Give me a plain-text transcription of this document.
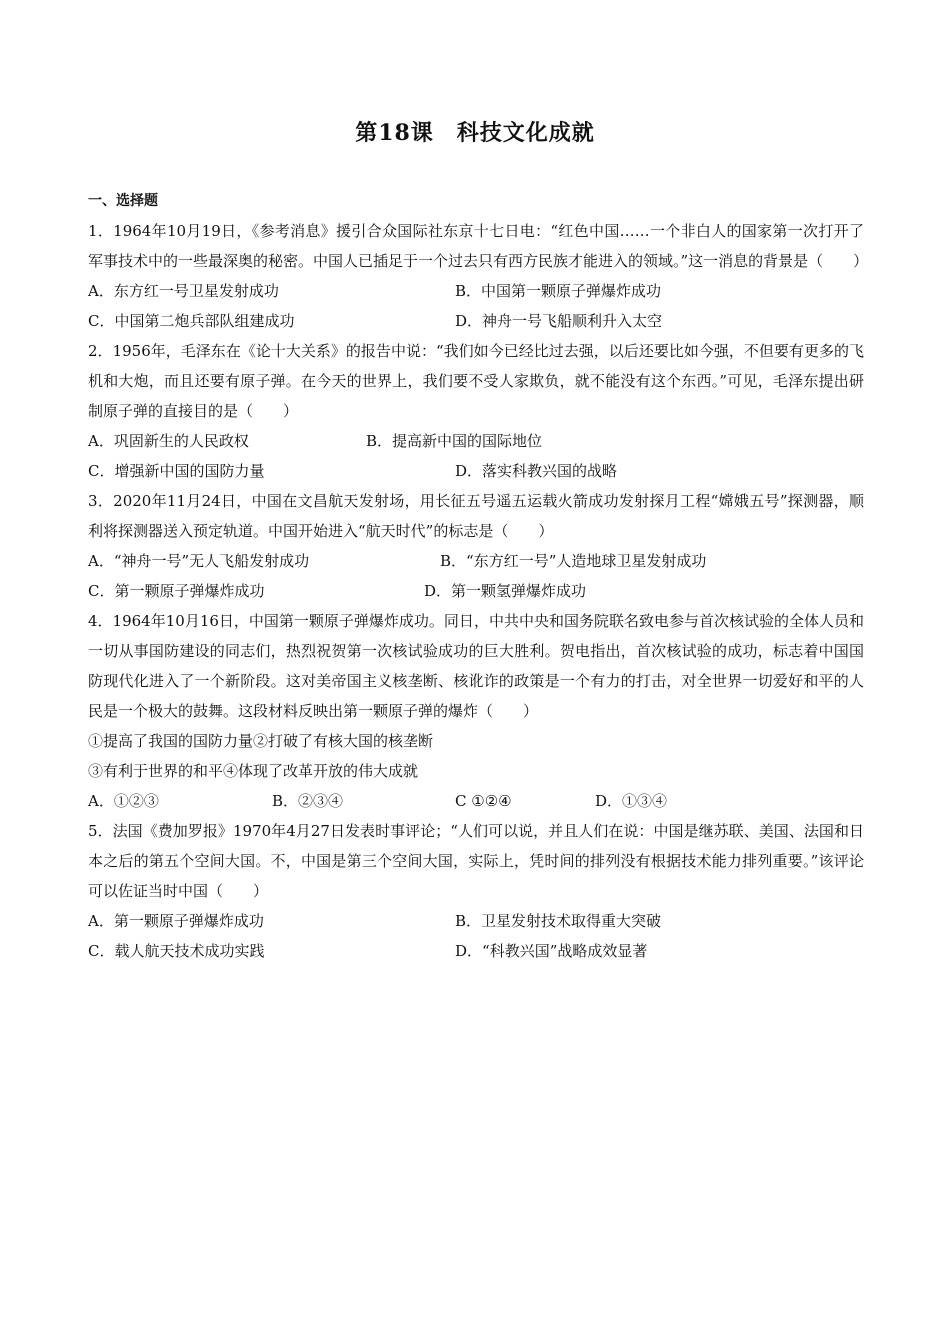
第18课　科技文化成就
一、选择题
1．1964年10月19日，《参考消息》援引合众国际社东京十七日电：“红色中国……一个非白人的国家第一次打开了军事技术中的一些最深奥的秘密。中国人已插足于一个过去只有西方民族才能进入的领域。”这一消息的背景是（　　）
A．东方红一号卫星发射成功	B．中国第一颗原子弹爆炸成功
C．中国第二炮兵部队组建成功	D．神舟一号飞船顺利升入太空
2．1956年，毛泽东在《论十大关系》的报告中说：“我们如今已经比过去强，以后还要比如今强，不但要有更多的飞机和大炮，而且还要有原子弹。在今天的世界上，我们要不受人家欺负，就不能没有这个东西。”可见，毛泽东提出研制原子弹的直接目的是（　　）
A．巩固新生的人民政权	B．提高新中国的国际地位
C．增强新中国的国防力量	D．落实科教兴国的战略
3．2020年11月24日，中国在文昌航天发射场，用长征五号遥五运载火箭成功发射探月工程“嫦娥五号”探测器，顺利将探测器送入预定轨道。中国开始进入“航天时代”的标志是（　　）
A．“神舟一号”无人飞船发射成功	B．“东方红一号”人造地球卫星发射成功
C．第一颗原子弹爆炸成功	D．第一颗氢弹爆炸成功
4．1964年10月16日，中国第一颗原子弹爆炸成功。同日，中共中央和国务院联名致电参与首次核试验的全体人员和一切从事国防建设的同志们，热烈祝贺第一次核试验成功的巨大胜利。贺电指出，首次核试验的成功，标志着中国国防现代化进入了一个新阶段。这对美帝国主义核垄断、核讹诈的政策是一个有力的打击，对全世界一切爱好和平的人民是一个极大的鼓舞。这段材料反映出第一颗原子弹的爆炸（　　）
①提高了我国的国防力量②打破了有核大国的核垄断
③有利于世界的和平④体现了改革开放的伟大成就
A．①②③	B．②③④	C ①②④	D．①③④
5．法国《费加罗报》1970年4月27日发表时事评论；“人们可以说，并且人们在说：中国是继苏联、美国、法国和日本之后的第五个空间大国。不，中国是第三个空间大国，实际上，凭时间的排列没有根据技术能力排列重要。”该评论可以佐证当时中国（　　）
A．第一颗原子弹爆炸成功	B．卫星发射技术取得重大突破
C．载人航天技术成功实践	D．“科教兴国”战略成效显著
